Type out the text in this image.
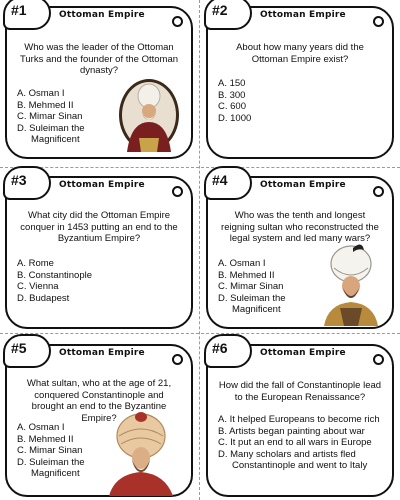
#1	Ottoman Empire
Who was the leader of the Ottoman Turks and the founder of the Ottoman dynasty?
A. Osman I
B. Mehmed II
C. Mimar Sinan
D. Suleiman the
Magnificent
#2	Ottoman Empire
About how many years did the Ottoman Empire exist?
A. 150
B. 300
C. 600
D. 1000
#3	Ottoman Empire
What city did the Ottoman Empire conquer in 1453 putting an end to the Byzantium Empire?
A. Rome
B. Constantinople
C. Vienna
D. Budapest
#4	Ottoman Empire
Who was the tenth and longest reigning sultan who reconstructed the legal system and led many wars?
A. Osman I
B. Mehmed II
C. Mimar Sinan
D. Suleiman the
Magnificent
#5	Ottoman Empire
What sultan, who at the age of 21, conquered Constantinople and brought an end to the Byzantine Empire?
A. Osman I
B. Mehmed II
C. Mimar Sinan
D. Suleiman the
Magnificent
#6	Ottoman Empire
How did the fall of Constantinople lead to the European Renaissance?
A. It helped Europeans to become rich
B. Artists began painting about war
C. It put an end to all wars in Europe
D. Many scholars and artists fled
Constantinople and went to Italy
